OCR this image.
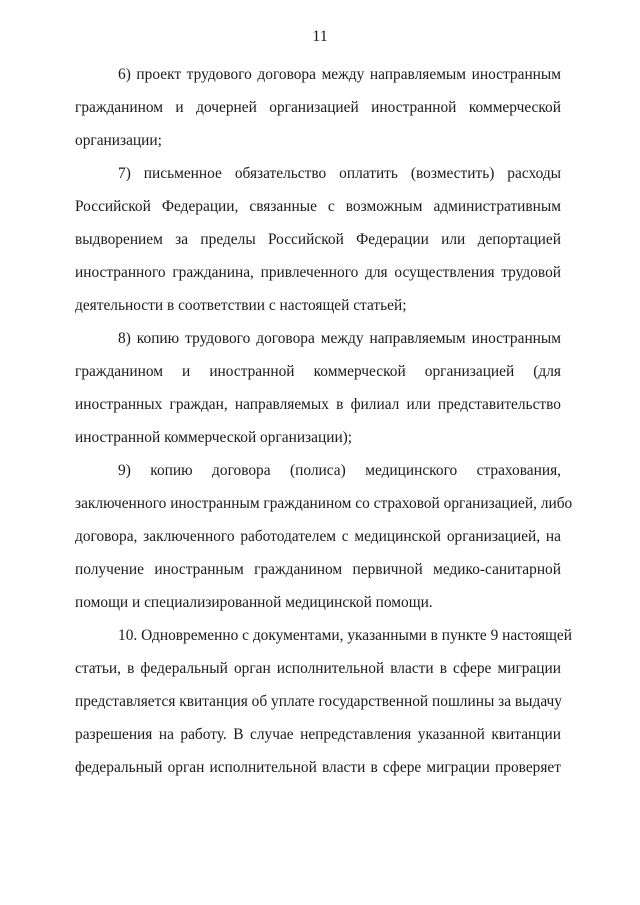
11
6) проект трудового договора между направляемым иностранным
гражданином и дочерней организацией иностранной коммерческой
организации;
7) письменное обязательство оплатить (возместить) расходы
Российской Федерации, связанные с возможным административным
выдворением за пределы Российской Федерации или депортацией
иностранного гражданина, привлеченного для осуществления трудовой
деятельности в соответствии с настоящей статьей;
8) копию трудового договора между направляемым иностранным
гражданином и иностранной коммерческой организацией (для
иностранных граждан, направляемых в филиал или представительство
иностранной коммерческой организации);
9) копию договора (полиса) медицинского страхования,
заключенного иностранным гражданином со страховой организацией, либо
договора, заключенного работодателем с медицинской организацией, на
получение иностранным гражданином первичной медико-санитарной
помощи и специализированной медицинской помощи.
10. Одновременно с документами, указанными в пункте 9 настоящей
статьи, в федеральный орган исполнительной власти в сфере миграции
представляется квитанция об уплате государственной пошлины за выдачу
разрешения на работу. В случае непредставления указанной квитанции
федеральный орган исполнительной власти в сфере миграции проверяет
